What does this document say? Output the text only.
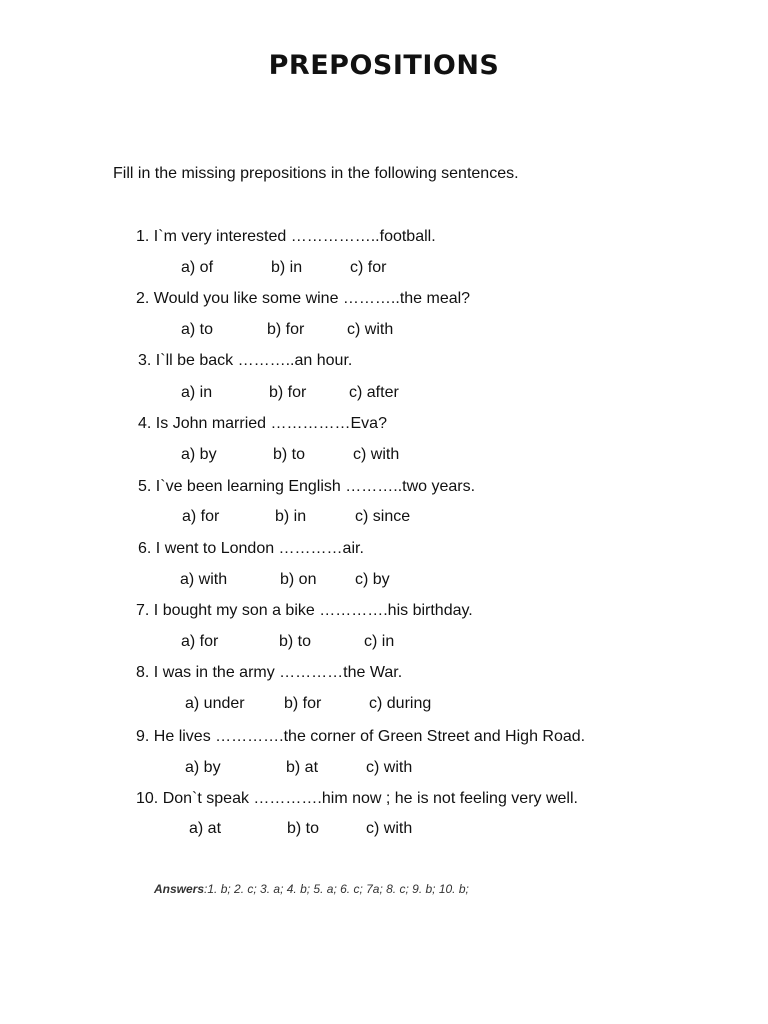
PREPOSITIONS
Fill in the missing prepositions in the following sentences.
1. I`m very interested ……………..football.
a) of	b) in	c) for
2. Would you like some wine ………..the meal?
a) to	b) for	c) with
3. I`ll be back ………..an hour.
a) in	b) for	c) after
4. Is John married ……………Eva?
a) by	b) to	c) with
5. I`ve been learning English ………..two years.
a) for	b) in	c) since
6. I went to London …………air.
a) with	b) on c) by
7. I bought my son a bike ………….his birthday.
a) for	b) to	c) in
8. I was in the army …………the War.
a) under b) for	c) during
9. He lives ………….the corner of Green Street and High Road.
a) by	b) at	c) with
10. Don`t speak ………….him now ; he is not feeling very well.
a) at	b) to	c) with
Answers:1. b; 2. c; 3. a; 4. b; 5. a; 6. c; 7a; 8. c; 9. b; 10. b;
